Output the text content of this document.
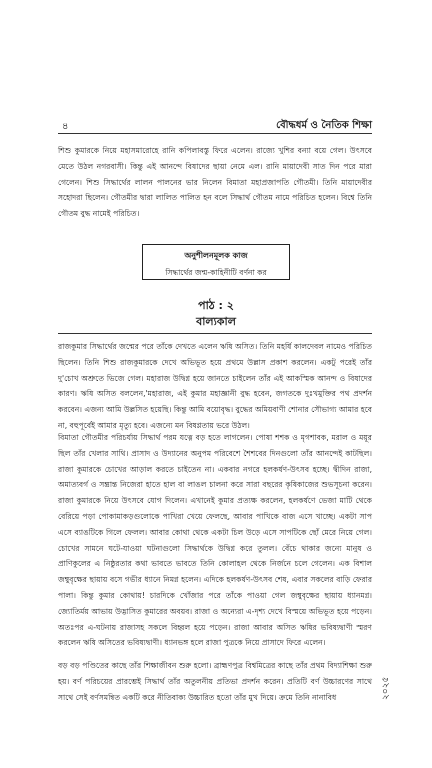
৪	বৌদ্ধধর্ম ও নৈতিক শিক্ষা

শিশু কুমারকে নিয়ে মহাসমারোহে রানি কপিলাবস্তু ফিরে এলেন। রাজ্যে খুশির বন্যা বয়ে গেল। উৎসবে মেতে উঠল নগরবাসী। কিন্তু এই আনন্দে বিষাদের ছায়া নেমে এল। রানি মায়াদেবী সাত দিন পরে মারা গেলেন। শিশু সিদ্ধার্থের লালন পালনের ভার নিলেন বিমাতা মহাপ্রজাপতি গৌতমী। তিনি মায়াদেবীর সহোদরা ছিলেন। গৌতমীর দ্বারা লালিত পালিত হন বলে সিদ্ধার্থ গৌতম নামে পরিচিত হলেন। বিশ্বে তিনি গৌতম বুদ্ধ নামেই পরিচিত।

অনুশীলনমূলক কাজ
সিদ্ধার্থের জন্ম-কাহিনীটি বর্ণনা কর
পাঠ : ২
বাল্যকাল

রাজকুমার সিদ্ধার্থের জন্মের পরে তাঁকে দেখতে এলেন ঋষি অসিত। তিনি মহর্ষি কালদেবল নামেও পরিচিত ছিলেন। তিনি শিশু রাজকুমারকে দেখে অভিভূত হয়ে প্রথমে উল্লাস প্রকাশ করলেন। একটু পরেই তাঁর দু'চোখ অশ্রুতে ভিজে গেল। মহারাজ উদ্বিগ্ন হয়ে জানতে চাইলেন তাঁর এই আকস্মিক আনন্দ ও বিষাদের কারণ। ঋষি অসিত বললেন,'মহারাজ, এই কুমার মহাজ্ঞানী বুদ্ধ হবেন, জগতকে দুঃখমুক্তির পথ প্রদর্শন করবেন। এজন্য আমি উল্লসিত হয়েছি। কিন্তু আমি বয়োবৃদ্ধ। বুদ্ধের অমিয়বাণী শোনার সৌভাগ্য আমার হবে না, বহুপূর্বেই আমার মৃত্যু হবে। এজন্যে মন বিষণ্ণতায় ভরে উঠল।

বিমাতা গৌতমীর পরিচর্যায় সিদ্ধার্থ পরম যত্নে বড় হতে লাগলেন। পোষা শশক ও মৃগশাবক, মরাল ও ময়ূর ছিল তাঁর খেলার সাথি। প্রাসাদ ও উদ্যানের অনুপম পরিবেশে শৈশবের দিনগুলো তাঁর আনন্দেই কাটছিল। রাজা কুমারকে চোখের আড়াল করতে চাইতেন না। একবার নগরে হলকর্ষণ-উৎসব হচ্ছে। দ্বীদিন রাজা, অমাত্যবর্গ ও সম্ভ্রান্ত নিজেরা হাতে হাল বা লাঙল চালনা করে সারা বছরের কৃষিকাজের শুভসূচনা করেন। রাজা কুমারকে নিয়ে উৎসবে যোগ দিলেন। এখানেই কুমার প্রত্যক্ষ করলেন, হলকর্ষণে ভেজা মাটি থেকে বেরিয়ে পড়া পোকামাকড়গুলোকে পাখিরা খেয়ে ফেলছে, আবার পাখিকে বাজ এসে খাচ্ছে। একটা সাপ এসে ব্যাঙটিকে গিলে ফেলল। আবার কোথা থেকে একটা চিল উড়ে এসে সাপটিকে ছোঁ মেরে নিয়ে গেল। চোখের সামনে ঘটে-যাওয়া ঘটনাগুলো সিদ্ধার্থকে উদ্বিগ্ন করে তুলল। বেঁচে থাকার জন্যে মানুষ ও প্রাণিকুলের এ নিষ্ঠুরতার কথা ভাবতে ভাবতে তিনি কোলাহল থেকে নির্জনে চলে গেলেন। এক বিশাল জম্বুবৃক্ষের ছায়ায় বসে গভীর ধ্যানে নিমগ্ন হলেন। এদিকে হলকর্ষণ-উৎসব শেষ, এবার সকলের বাড়ি ফেরার পালা। কিন্তু কুমার কোথায়! চারদিকে খোঁজার পরে তাঁকে পাওয়া গেল জম্বুবৃক্ষের ছায়ায় ধ্যানমগ্ন। জ্যোতির্ময় আভায় উদ্ভাসিত কুমারের অবয়ব। রাজা ও অন্যেরা এ-দৃশ্য দেখে বিস্ময়ে অভিভূত হয়ে পড়েন। অতঃপর এ-ঘটনায় রাজাসহ সকলে বিহ্বল হয়ে পড়েন। রাজা আবার অসিত ঋষির ভবিষ্যদ্বাণী স্মরণ করলেন ঋষি অসিতের ভবিষ্যদ্বাণী। ধ্যানভঙ্গ হলে রাজা পুত্রকে নিয়ে প্রাসাদে ফিরে এলেন।

বড় বড় পণ্ডিতের কাছে তাঁর শিক্ষাজীবন শুরু হলো। ব্রাহ্মণপুত্র বিশ্বমিত্রের কাছে তাঁর প্রথম বিদ্যাশিক্ষা শুরু হয়। বর্ণ পরিচয়ের প্রারম্ভেই সিদ্ধার্থ তাঁর অতুলনীয় প্রতিভা প্রদর্শন করেন। প্রতিটি বর্ণ উচ্চারণের সাথে সাথে সেই বর্ণসমন্বিত একটি করে নীতিবাক্য উচ্চারিত হতো তাঁর মুখ দিয়ে। ক্রমে তিনি নানাবিধ	২০২৫
